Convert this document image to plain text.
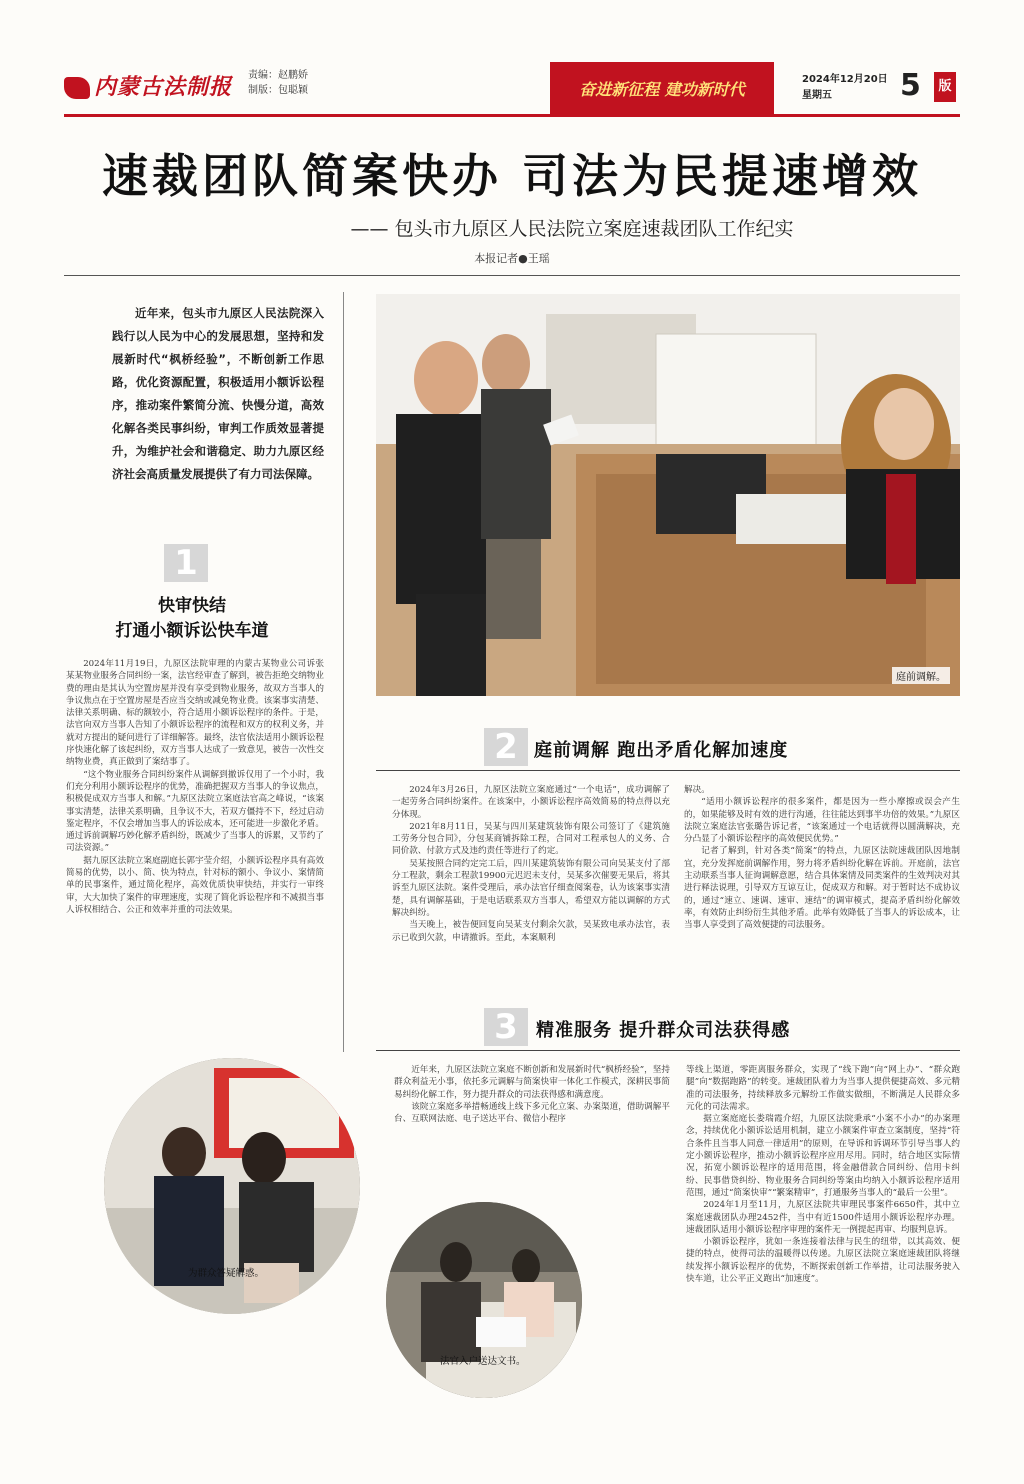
内蒙古法制报 责编：赵鹏娇
制版：包聪颖	奋进新征程 建功新时代	2024年12月20日
星期五	5	版
速裁团队简案快办 司法为民提速增效
—— 包头市九原区人民法院立案庭速裁团队工作纪实
本报记者●王瑶
近年来，包头市九原区人民法院深入践行以人民为中心的发展思想，坚持和发展新时代“枫桥经验”，不断创新工作思路，优化资源配置，积极适用小额诉讼程序，推动案件繁简分流、快慢分道，高效化解各类民事纠纷，审判工作质效显著提升，为维护社会和谐稳定、助力九原区经济社会高质量发展提供了有力司法保障。
1
快审快结
打通小额诉讼快车道

2024年11月19日，九原区法院审理的内蒙古某物业公司诉张某某物业服务合同纠纷一案，法官经审查了解到，被告拒绝交纳物业费的理由是其认为空置房屋并没有享受到物业服务，故双方当事人的争议焦点在于空置房屋是否应当交纳或减免物业费。该案事实清楚、法律关系明确、标的额较小，符合适用小额诉讼程序的条件。于是，法官向双方当事人告知了小额诉讼程序的流程和双方的权利义务，并就对方提出的疑问进行了详细解答。最终，法官依法适用小额诉讼程序快速化解了该起纠纷，双方当事人达成了一致意见，被告一次性交纳物业费，真正做到了案结事了。

“这个物业服务合同纠纷案件从调解到撤诉仅用了一个小时，我们充分利用小额诉讼程序的优势，准确把握双方当事人的争议焦点，积极促成双方当事人和解。”九原区法院立案庭法官高之峰说，“该案事实清楚，法律关系明确，且争议不大，若双方僵持不下，经过启动鉴定程序，不仅会增加当事人的诉讼成本，还可能进一步激化矛盾。通过诉前调解巧妙化解矛盾纠纷，既减少了当事人的诉累，又节约了司法资源。”

据九原区法院立案庭副庭长郭宇莹介绍，小额诉讼程序具有高效简易的优势，以小、简、快为特点，针对标的额小、争议小、案情简单的民事案件，通过简化程序，高效优质快审快结，并实行一审终审，大大加快了案件的审理速度，实现了简化诉讼程序和不减损当事人诉权相结合、公正和效率并重的司法效果。

庭前调解。
2 庭前调解 跑出矛盾化解加速度

2024年3月26日，九原区法院立案庭通过“一个电话”，成功调解了一起劳务合同纠纷案件。在该案中，小额诉讼程序高效简易的特点得以充分体现。

2021年8月11日，吴某与四川某建筑装饰有限公司签订了《建筑施工劳务分包合同》，分包某商铺拆除工程，合同对工程承包人的义务、合同价款、付款方式及违约责任等进行了约定。

吴某按照合同约定完工后，四川某建筑装饰有限公司向吴某支付了部分工程款，剩余工程款19900元迟迟未支付，吴某多次催要无果后，将其诉至九原区法院。案件受理后，承办法官仔细查阅案卷，认为该案事实清楚，具有调解基础，于是电话联系双方当事人，希望双方能以调解的方式解决纠纷。

当天晚上，被告便回复向吴某支付剩余欠款，吴某致电承办法官，表示已收到欠款，申请撤诉。至此，本案顺利

解决。

“适用小额诉讼程序的很多案件，都是因为一些小摩擦或误会产生的，如果能够及时有效的进行沟通，往往能达到事半功倍的效果。”九原区法院立案庭法官张璐告诉记者，“该案通过一个电话就得以圆满解决，充分凸显了小额诉讼程序的高效便民优势。”

记者了解到，针对各类“简案”的特点，九原区法院速裁团队因地制宜，充分发挥庭前调解作用，努力将矛盾纠纷化解在诉前。开庭前，法官主动联系当事人征询调解意愿，结合具体案情及同类案件的生效判决对其进行释法说理，引导双方互谅互让，促成双方和解。对于暂时达不成协议的，通过“速立、速调、速审、速结”的调审模式，提高矛盾纠纷化解效率，有效防止纠纷衍生其他矛盾。此举有效降低了当事人的诉讼成本，让当事人享受到了高效便捷的司法服务。

3	精准服务 提升群众司法获得感

近年来，九原区法院立案庭不断创新和发展新时代“枫桥经验”，坚持群众利益无小事，依托多元调解与简案快审一体化工作模式，深耕民事简易纠纷化解工作，努力提升群众的司法获得感和满意度。

该院立案庭多举措畅通线上线下多元化立案、办案渠道，借助调解平台、互联网法庭、电子送达平台、微信小程序

等线上渠道，零距离服务群众，实现了“线下跑”向“网上办”、“群众跑腿”向“数据跑路”的转变。速裁团队着力为当事人提供便捷高效、多元精准的司法服务，持续释放多元解纷工作做实做细，不断满足人民群众多元化的司法需求。

据立案庭庭长娄瑞霞介绍，九原区法院秉承“小案不小办”的办案理念，持续优化小额诉讼适用机制，建立小额案件审查立案制度，坚持“符合条件且当事人同意一律适用”的原则，在导诉和诉调环节引导当事人约定小额诉讼程序，推动小额诉讼程序应用尽用。同时，结合地区实际情况，拓宽小额诉讼程序的适用范围，将金融借款合同纠纷、信用卡纠纷、民事借贷纠纷、物业服务合同纠纷等案由均纳入小额诉讼程序适用范围，通过“简案快审”“繁案精审”，打通服务当事人的“最后一公里”。

2024年1月至11月，九原区法院共审理民事案件6650件，其中立案庭速裁团队办理2452件，当中有近1500件适用小额诉讼程序办理。速裁团队适用小额诉讼程序审理的案件无一例提起再审、均服判息诉。

小额诉讼程序，犹如一条连接着法律与民生的纽带，以其高效、便捷的特点，使得司法的温暖得以传递。九原区法院立案庭速裁团队将继续发挥小额诉讼程序的优势，不断探索创新工作举措，让司法服务驶入快车道，让公平正义跑出“加速度”。

为群众答疑解惑。
法官入户送达文书。
